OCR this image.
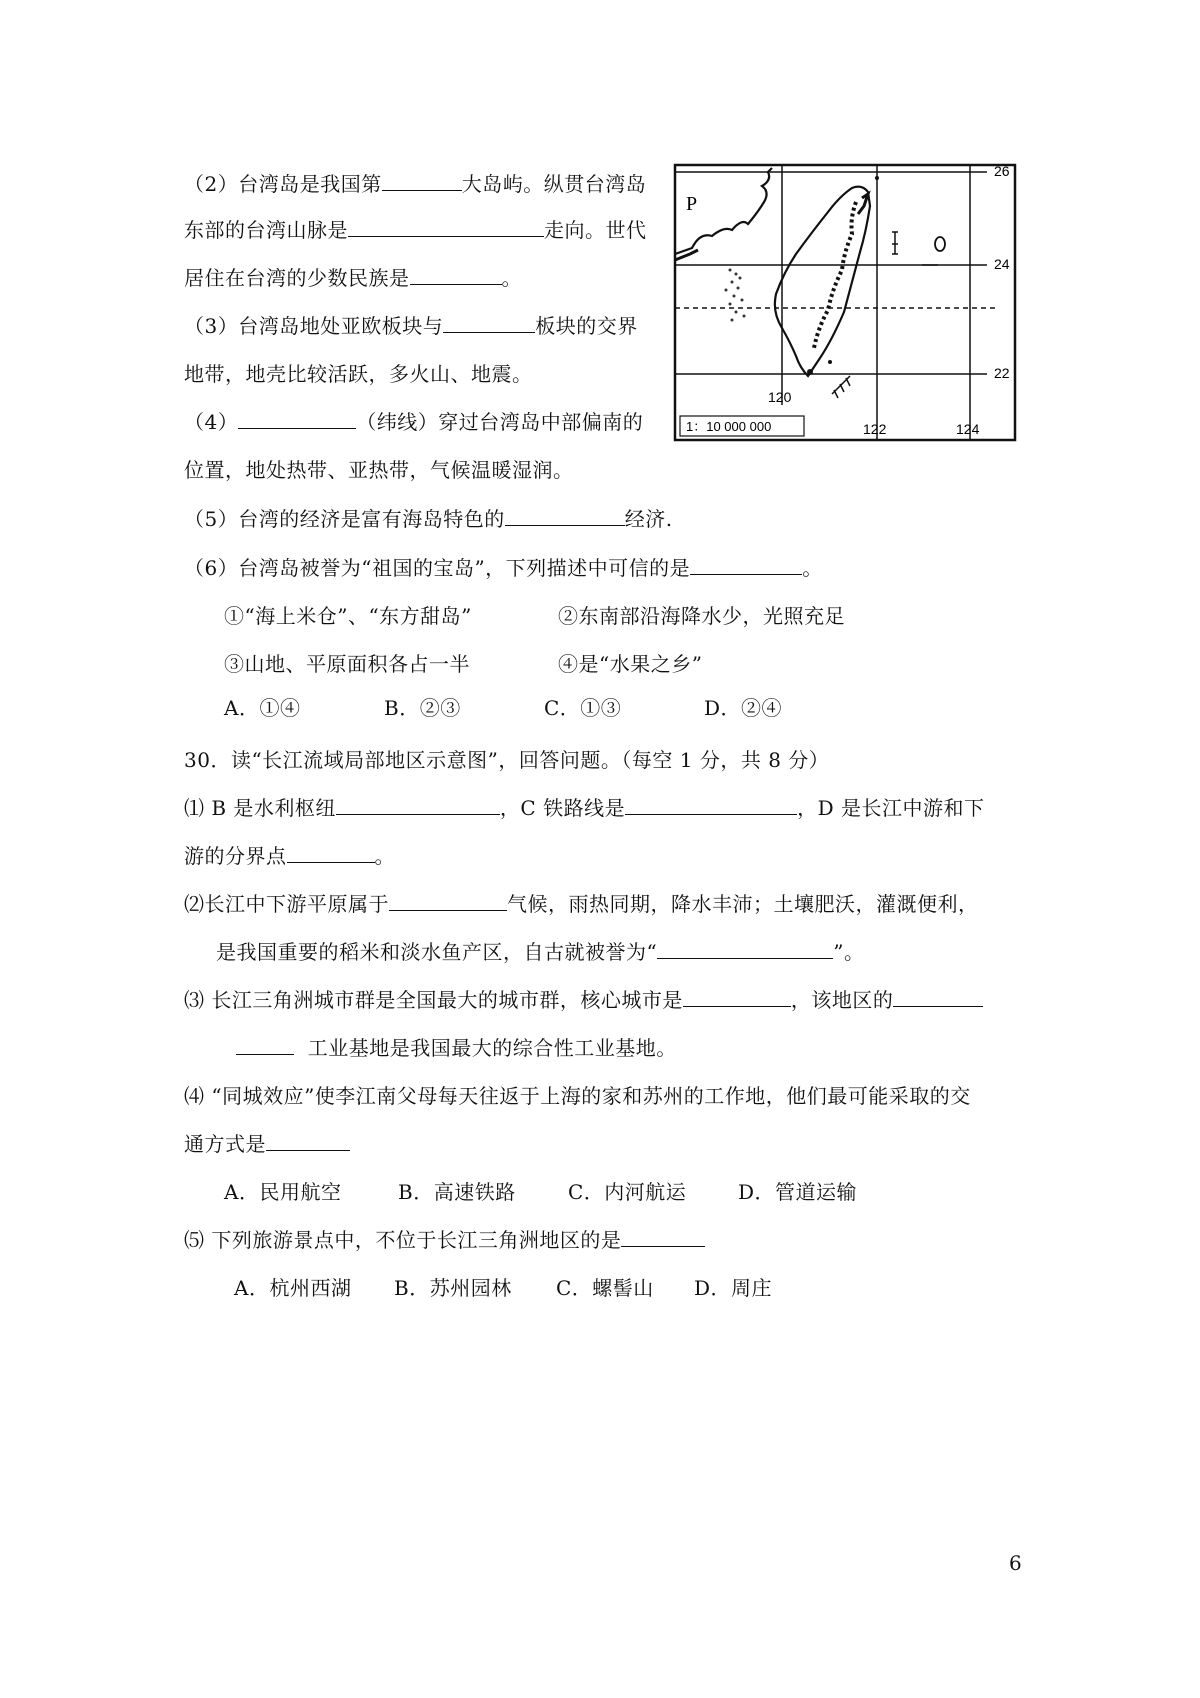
（2）台湾岛是我国第	大岛屿。纵贯台湾岛
东部的台湾山脉是	走向。世代
居住在台湾的少数民族是	。
（3）台湾岛地处亚欧板块与	板块的交界
地带，地壳比较活跃，多火山、地震。
（4）	（纬线）穿过台湾岛中部偏南的
位置，地处热带、亚热带，气候温暖湿润。
（5）台湾的经济是富有海岛特色的	经济.
（6）台湾岛被誉为“祖国的宝岛”，下列描述中可信的是	。
①“海上米仓”、“东方甜岛”	②东南部沿海降水少，光照充足
③山地、平原面积各占一半	④是“水果之乡”
A．①④	B．②③	C．①③	D．②④
P
26
24
22
120
122	124
1：10 000 000
30．读“长江流域局部地区示意图”，回答问题。（每空 1 分，共 8 分）
⑴ B 是水利枢纽	，C 铁路线是	，D 是长江中游和下
游的分界点	。
⑵长江中下游平原属于	气候，雨热同期，降水丰沛；土壤肥沃，灌溉便利，
是我国重要的稻米和淡水鱼产区，自古就被誉为“	”。
⑶ 长江三角洲城市群是全国最大的城市群，核心城市是	，该地区的
工业基地是我国最大的综合性工业基地。
⑷ “同城效应”使李江南父母每天往返于上海的家和苏州的工作地，他们最可能采取的交
通方式是
A．民用航空	B．高速铁路	C．内河航运	D．管道运输
⑸ 下列旅游景点中，不位于长江三角洲地区的是
A．杭州西湖 B．苏州园林 C．螺髻山 D．周庄
6
